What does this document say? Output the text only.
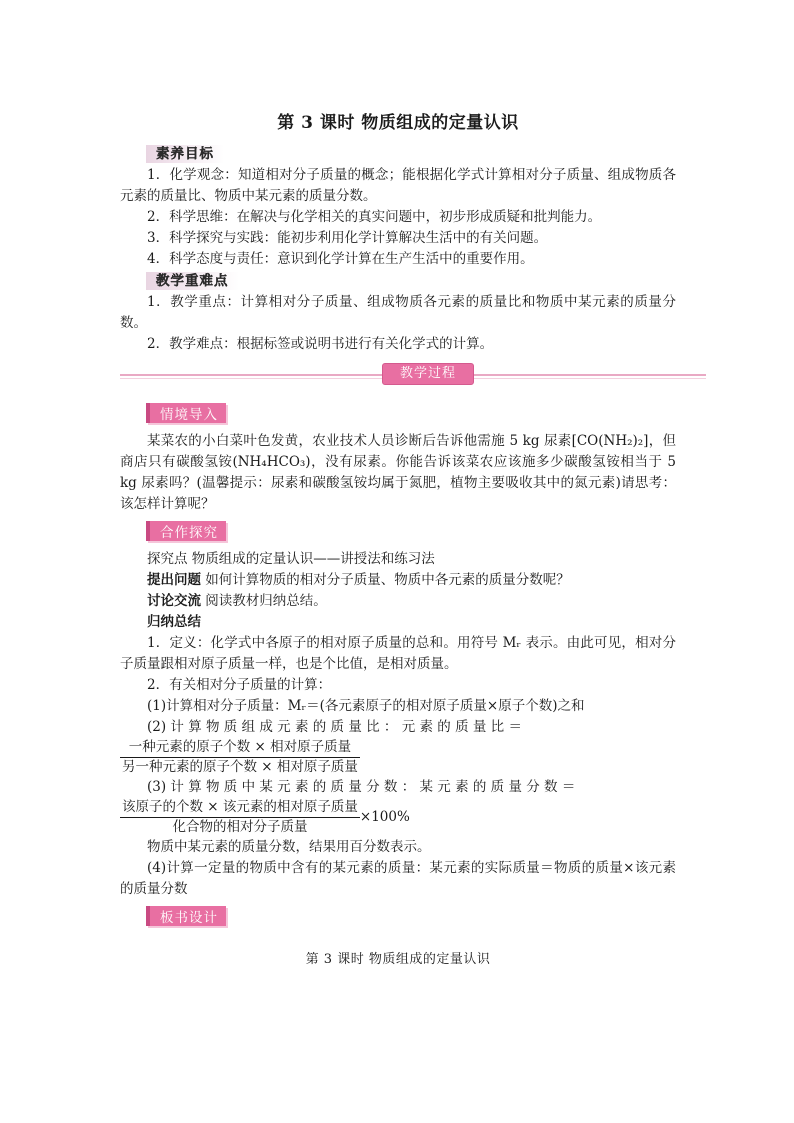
第 3 课时 物质组成的定量认识
素养目标

1．化学观念：知道相对分子质量的概念；能根据化学式计算相对分子质量、组成物质各元素的质量比、物质中某元素的质量分数。

2．科学思维：在解决与化学相关的真实问题中，初步形成质疑和批判能力。

3．科学探究与实践：能初步利用化学计算解决生活中的有关问题。

4．科学态度与责任：意识到化学计算在生产生活中的重要作用。

教学重难点

1．教学重点：计算相对分子质量、组成物质各元素的质量比和物质中某元素的质量分数。

2．教学难点：根据标签或说明书进行有关化学式的计算。

教学过程
情境导入

某菜农的小白菜叶色发黄，农业技术人员诊断后告诉他需施 5 kg 尿素[CO(NH₂)₂]，但商店只有碳酸氢铵(NH₄HCO₃)，没有尿素。你能告诉该菜农应该施多少碳酸氢铵相当于 5 kg 尿素吗？(温馨提示：尿素和碳酸氢铵均属于氮肥，植物主要吸收其中的氮元素)请思考：该怎样计算呢？

合作探究

探究点 物质组成的定量认识——讲授法和练习法

提出问题 如何计算物质的相对分子质量、物质中各元素的质量分数呢？

讨论交流 阅读教材归纳总结。

归纳总结

1．定义：化学式中各原子的相对原子质量的总和。用符号 Mᵣ 表示。由此可见，相对分子质量跟相对原子质量一样，也是个比值，是相对质量。

2．有关相对分子质量的计算：

(1)计算相对分子质量：Mᵣ＝(各元素原子的相对原子质量×原子个数)之和

(2) 计 算 物 质 组 成 元 素 的 质 量 比 ： 元 素 的 质 量 比 ＝

$\frac{\text{一种元素的原子个数 × 相对原子质量}}{\text{另一种元素的原子个数 × 相对原子质量}}$

(3) 计 算 物 质 中 某 元 素 的 质 量 分 数 ： 某 元 素 的 质 量 分 数 ＝

$\frac{\text{该原子的个数 × 该元素的相对原子质量}}{\text{化合物的相对分子质量}} \times 100\%$

物质中某元素的质量分数，结果用百分数表示。

(4)计算一定量的物质中含有的某元素的质量：某元素的实际质量＝物质的质量×该元素的质量分数

板书设计
第 3 课时 物质组成的定量认识
